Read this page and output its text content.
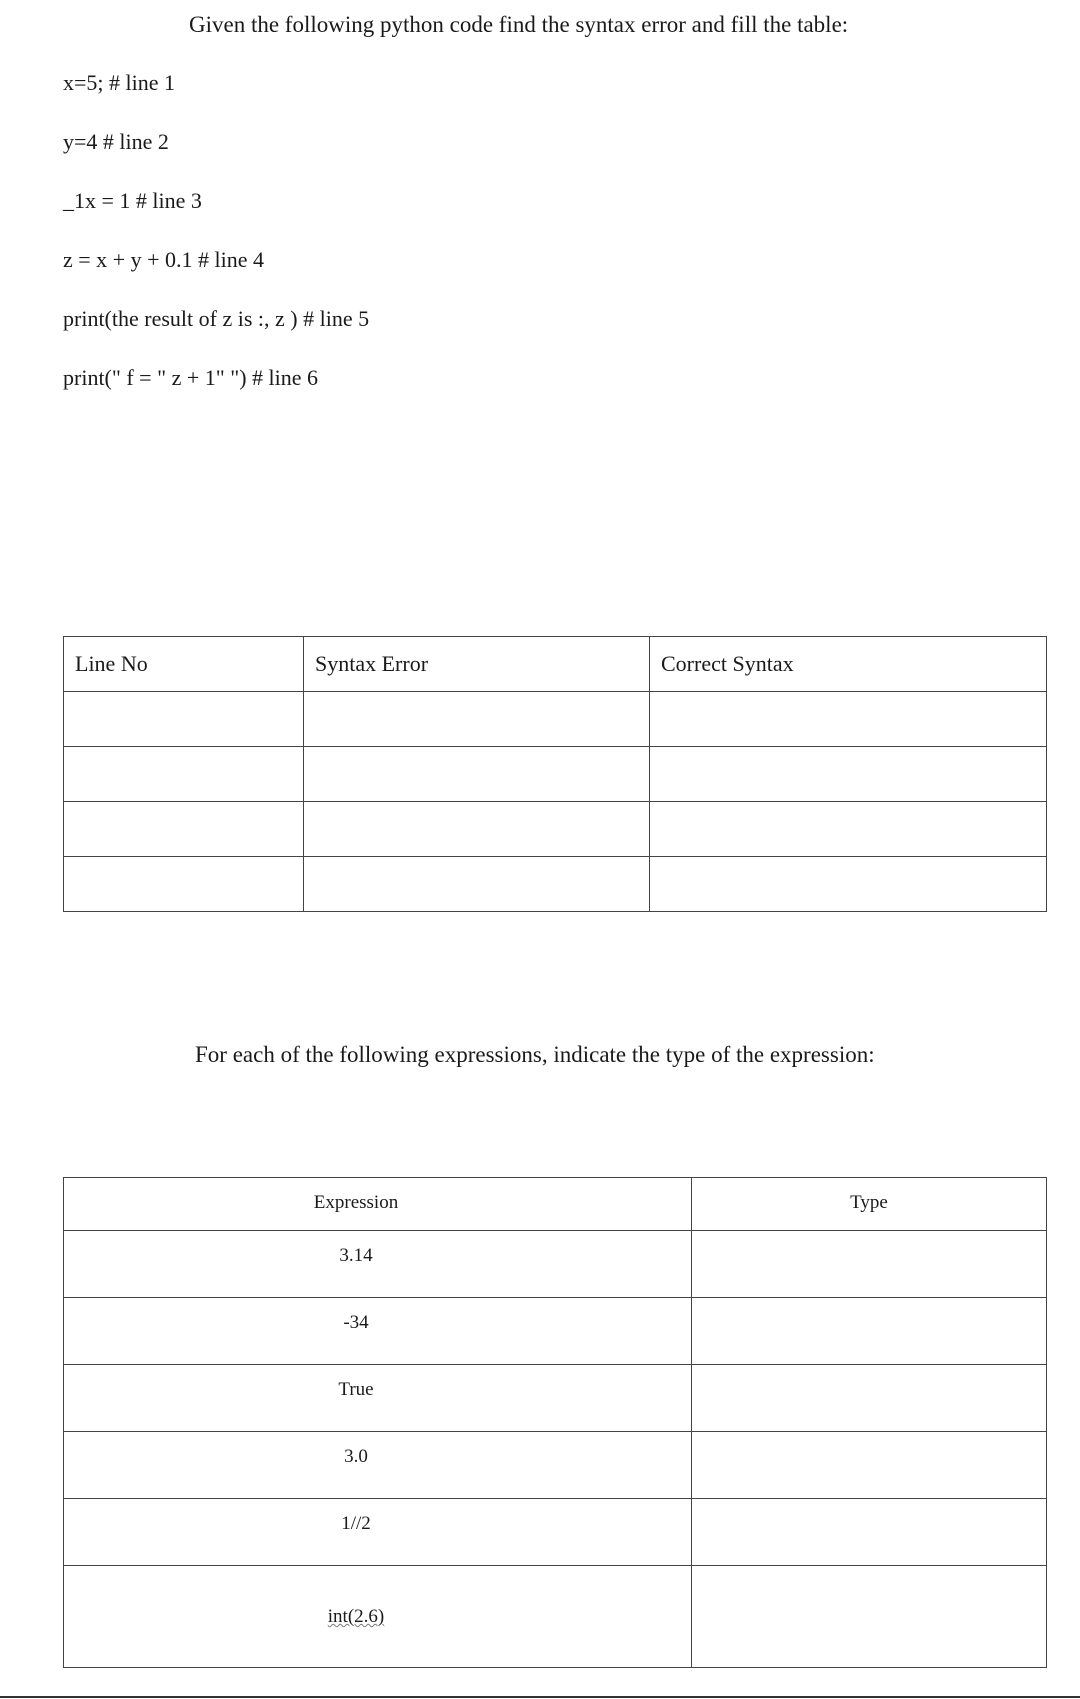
Given the following python code find the syntax error and fill the table:
x=5; # line 1
y=4 # line 2
_1x = 1 # line 3
z = x + y + 0.1 # line 4
print(the result of z is :, z ) # line 5
print(" f = " z + 1" ") # line 6
Line No	Syntax Error	Correct Syntax

For each of the following expressions, indicate the type of the expression:
Expression	Type
3.14	
-34	
True	
3.0	
1//2	
int(2.6)	
